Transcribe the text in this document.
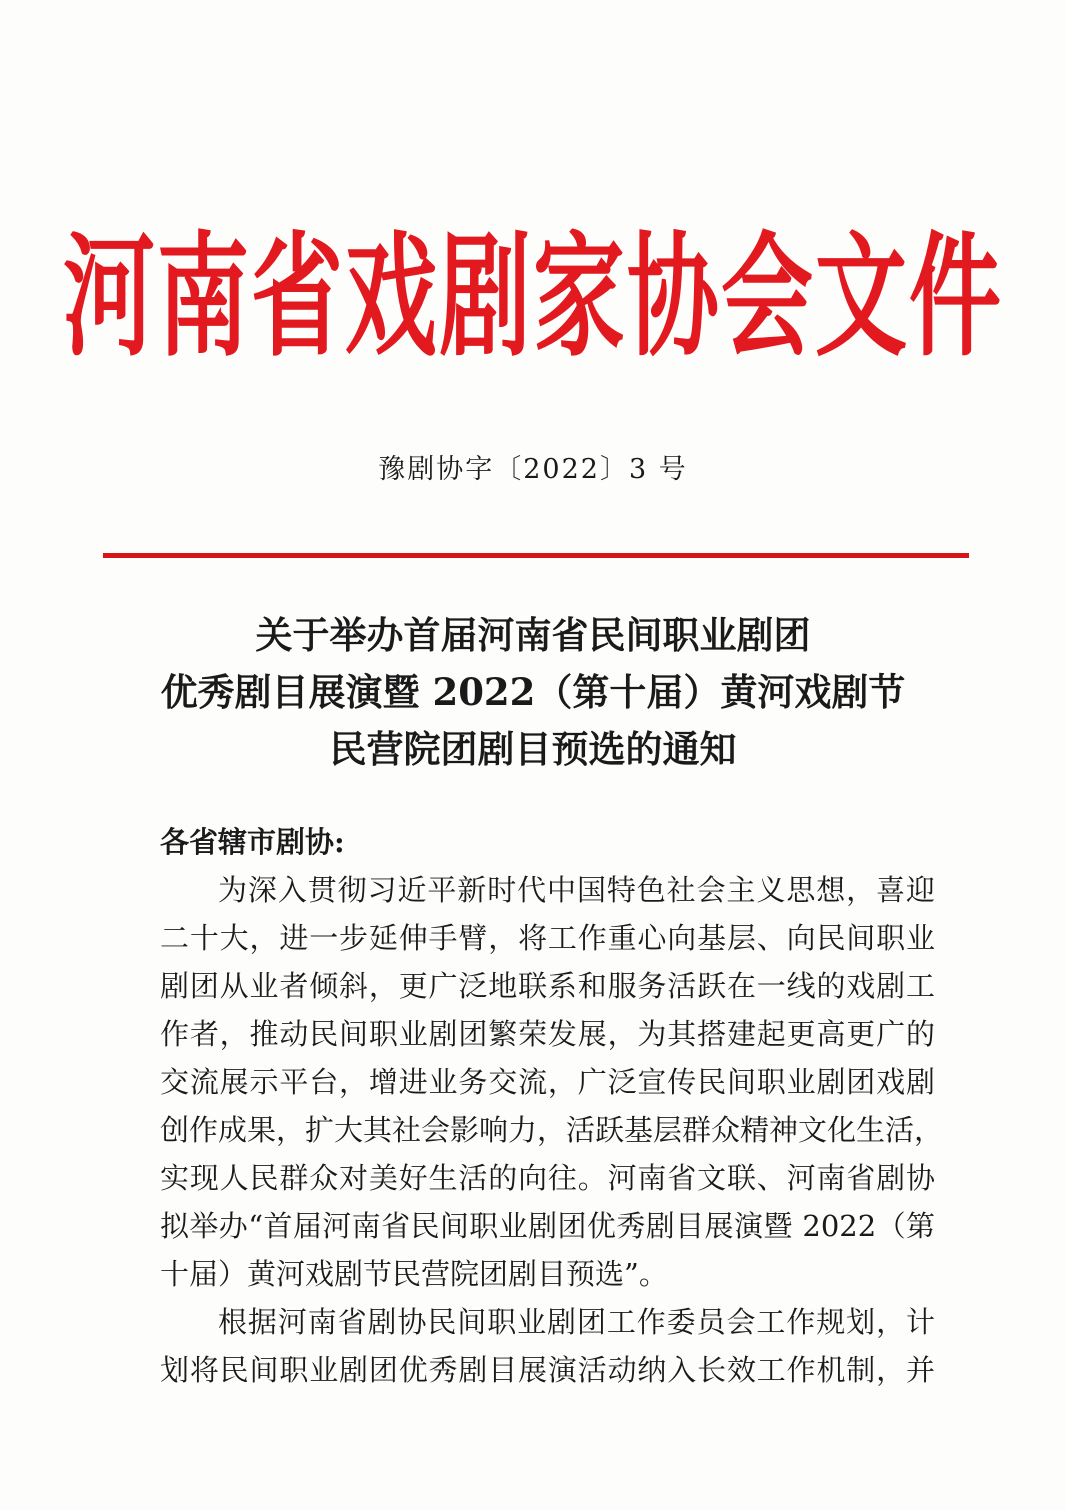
河南省戏剧家协会文件
豫剧协字〔2022〕3 号
关于举办首届河南省民间职业剧团
优秀剧目展演暨 2022（第十届）黄河戏剧节
民营院团剧目预选的通知
各省辖市剧协:
为深入贯彻习近平新时代中国特色社会主义思想，喜迎
二十大，进一步延伸手臂，将工作重心向基层、向民间职业
剧团从业者倾斜，更广泛地联系和服务活跃在一线的戏剧工
作者，推动民间职业剧团繁荣发展，为其搭建起更高更广的
交流展示平台，增进业务交流，广泛宣传民间职业剧团戏剧
创作成果，扩大其社会影响力，活跃基层群众精神文化生活，
实现人民群众对美好生活的向往。河南省文联、河南省剧协
拟举办“首届河南省民间职业剧团优秀剧目展演暨 2022（第
十届）黄河戏剧节民营院团剧目预选”。
根据河南省剧协民间职业剧团工作委员会工作规划，计
划将民间职业剧团优秀剧目展演活动纳入长效工作机制，并
